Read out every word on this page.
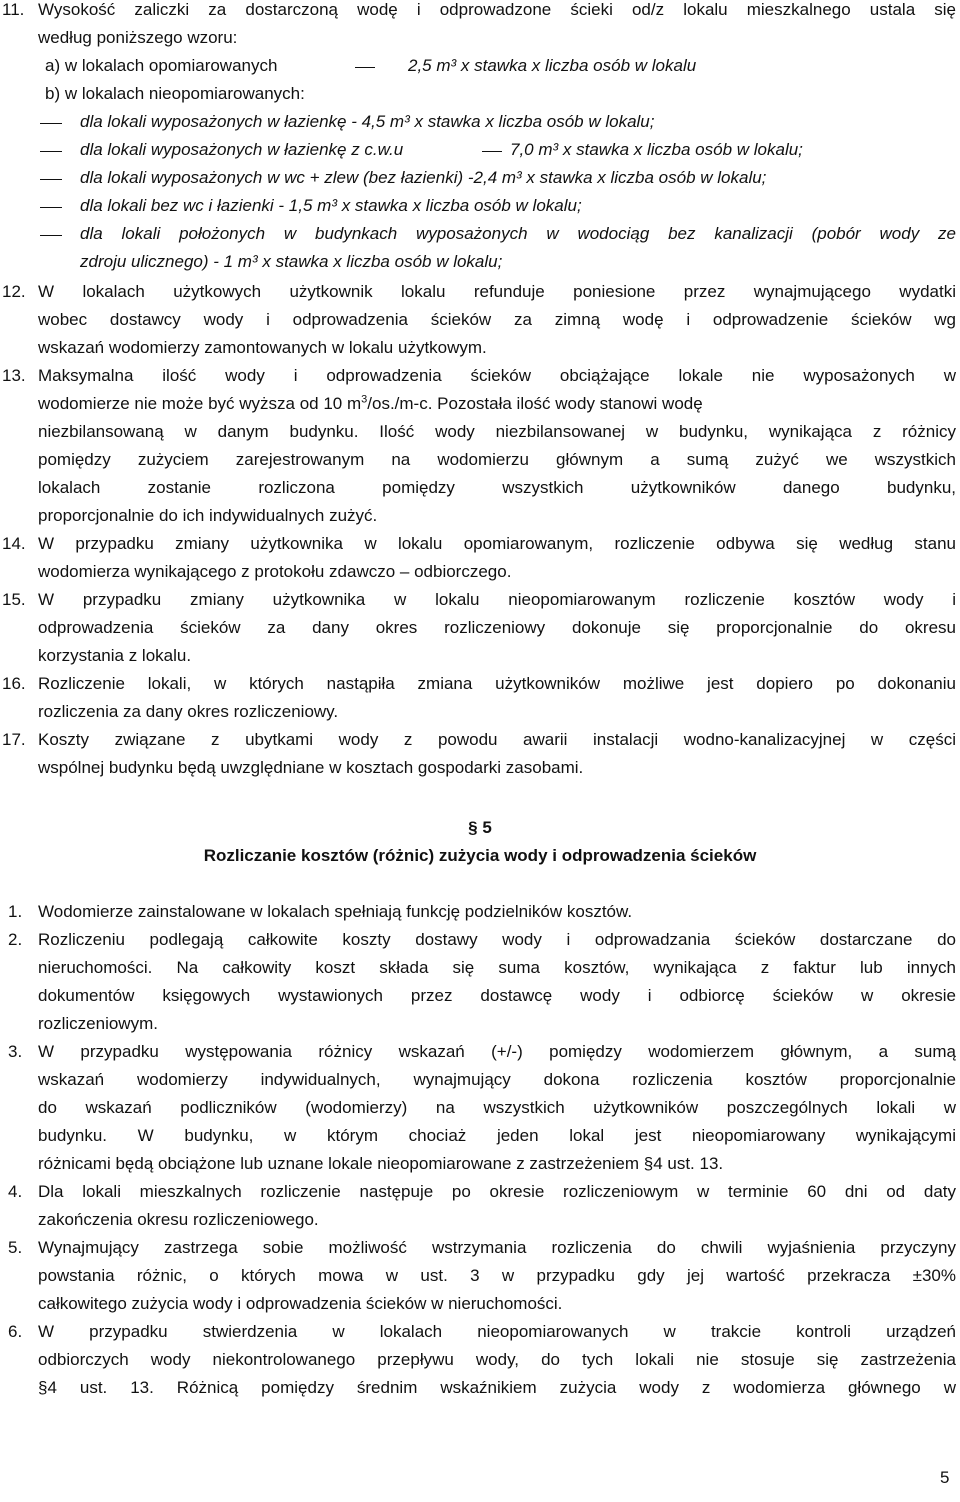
11. Wysokość zaliczki za dostarczoną wodę i odprowadzone ścieki od/z lokalu mieszkalnego ustala się
według poniższego wzoru:
a) w lokalach opomiarowanych	2,5 m³ x stawka x liczba osób w lokalu
b) w lokalach nieopomiarowanych:
dla lokali wyposażonych w łazienkę - 4,5 m³ x stawka x liczba osób w lokalu;
dla lokali wyposażonych w łazienkę z c.w.u	7,0 m³ x stawka x liczba osób w lokalu;
dla lokali wyposażonych w wc + zlew (bez łazienki) -2,4 m³ x stawka x liczba osób w lokalu;
dla lokali bez wc i łazienki - 1,5 m³ x stawka x liczba osób w lokalu;
dla lokali położonych w budynkach wyposażonych w wodociąg bez kanalizacji (pobór wody ze
zdroju ulicznego) - 1 m³ x stawka x liczba osób w lokalu;
12. W lokalach użytkowych użytkownik lokalu refunduje poniesione przez wynajmującego wydatki
wobec dostawcy wody i odprowadzenia ścieków za zimną wodę i odprowadzenie ścieków wg
wskazań wodomierzy zamontowanych w lokalu użytkowym.
13. Maksymalna ilość wody i odprowadzenia ścieków obciążające lokale nie wyposażonych w
wodomierze nie może być wyższa od 10 $m^3$ /os./m-c. Pozostała ilość wody stanowi wodę
niezbilansowaną w danym budynku. Ilość wody niezbilansowanej w budynku, wynikająca z różnicy
pomiędzy zużyciem zarejestrowanym na wodomierzu głównym a sumą zużyć we wszystkich
lokalach zostanie rozliczona pomiędzy wszystkich użytkowników danego budynku,
proporcjonalnie do ich indywidualnych zużyć.
14. W przypadku zmiany użytkownika w lokalu opomiarowanym, rozliczenie odbywa się według stanu
wodomierza wynikającego z protokołu zdawczo – odbiorczego.
15. W przypadku zmiany użytkownika w lokalu nieopomiarowanym rozliczenie kosztów wody i
odprowadzenia ścieków za dany okres rozliczeniowy dokonuje się proporcjonalnie do okresu
korzystania z lokalu.
16. Rozliczenie lokali, w których nastąpiła zmiana użytkowników możliwe jest dopiero po dokonaniu
rozliczenia za dany okres rozliczeniowy.
17. Koszty związane z ubytkami wody z powodu awarii instalacji wodno-kanalizacyjnej w części
wspólnej budynku będą uwzględniane w kosztach gospodarki zasobami.
§ 5
Rozliczanie kosztów (różnic) zużycia wody i odprowadzenia ścieków
1. Wodomierze zainstalowane w lokalach spełniają funkcję podzielników kosztów.
2. Rozliczeniu podlegają całkowite koszty dostawy wody i odprowadzania ścieków dostarczane do
nieruchomości. Na całkowity koszt składa się suma kosztów, wynikająca z faktur lub innych
dokumentów księgowych wystawionych przez dostawcę wody i odbiorcę ścieków w okresie
rozliczeniowym.
3. W przypadku występowania różnicy wskazań (+/-) pomiędzy wodomierzem głównym, a sumą
wskazań wodomierzy indywidualnych, wynajmujący dokona rozliczenia kosztów proporcjonalnie
do wskazań podliczników (wodomierzy) na wszystkich użytkowników poszczególnych lokali w
budynku. W budynku, w którym chociaż jeden lokal jest nieopomiarowany wynikającymi
różnicami będą obciążone lub uznane lokale nieopomiarowane z zastrzeżeniem §4 ust. 13.
4. Dla lokali mieszkalnych rozliczenie następuje po okresie rozliczeniowym w terminie 60 dni od daty
zakończenia okresu rozliczeniowego.
5. Wynajmujący zastrzega sobie możliwość wstrzymania rozliczenia do chwili wyjaśnienia przyczyny
powstania różnic, o których mowa w ust. 3 w przypadku gdy jej wartość przekracza ±30%
całkowitego zużycia wody i odprowadzenia ścieków w nieruchomości.
6. W przypadku stwierdzenia w lokalach nieopomiarowanych w trakcie kontroli urządzeń
odbiorczych wody niekontrolowanego przepływu wody, do tych lokali nie stosuje się zastrzeżenia
§4 ust. 13. Różnicą pomiędzy średnim wskaźnikiem zużycia wody z wodomierza głównego w
5
